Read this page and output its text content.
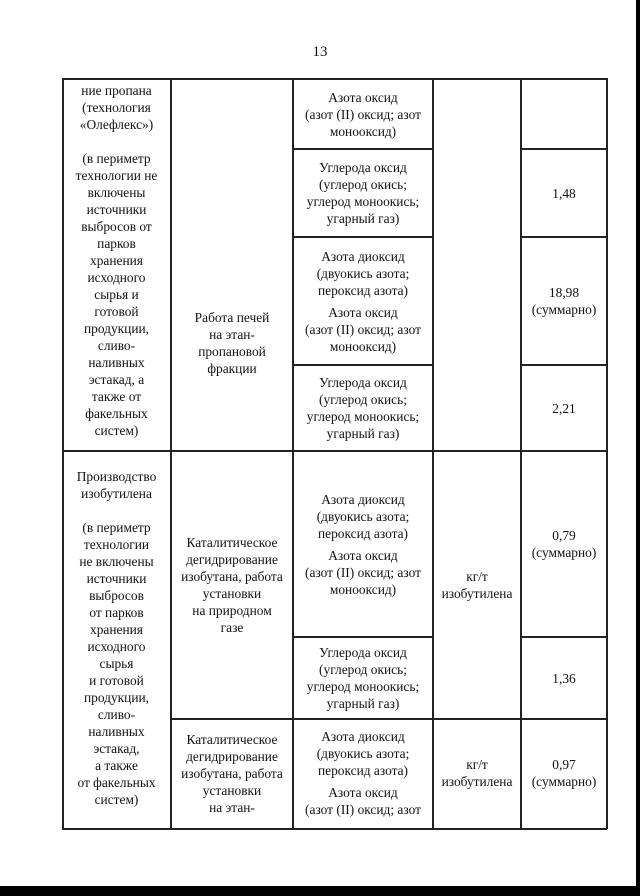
13
ние пропана
(технология
«Олефлекс»)
(в периметр
технологии не
включены
источники
выбросов от
парков
хранения
исходного
сырья и
готовой
продукции,
сливо-
наливных
эстакад, а
также от
факельных
систем)
Работа печей
на этан-
пропановой
фракции
Азота оксид
(азот (II) оксид; азот
монооксид)
Углерода оксид
(углерод окись;
углерод моноокись;
угарный газ)
Азота диоксид
(двуокись азота;
пероксид азота)
Азота оксид
(азот (II) оксид; азот
монооксид)
Углерода оксид
(углерод окись;
углерод моноокись;
угарный газ)
1,48
18,98
(суммарно)
2,21
Производство
изобутилена
(в периметр
технологии
не включены
источники
выбросов
от парков
хранения
исходного
сырья
и готовой
продукции,
сливо-
наливных
эстакад,
а также
от факельных
систем)
Каталитическое
дегидрирование
изобутана, работа
установки
на природном
газе
Каталитическое
дегидрирование
изобутана, работа
установки
на этан-
Азота диоксид
(двуокись азота;
пероксид азота)
Азота оксид
(азот (II) оксид; азот
монооксид)
Углерода оксид
(углерод окись;
углерод моноокись;
угарный газ)
Азота диоксид
(двуокись азота;
пероксид азота)
Азота оксид
(азот (II) оксид; азот
кг/т
изобутилена
кг/т
изобутилена
0,79
(суммарно)
1,36
0,97
(суммарно)
